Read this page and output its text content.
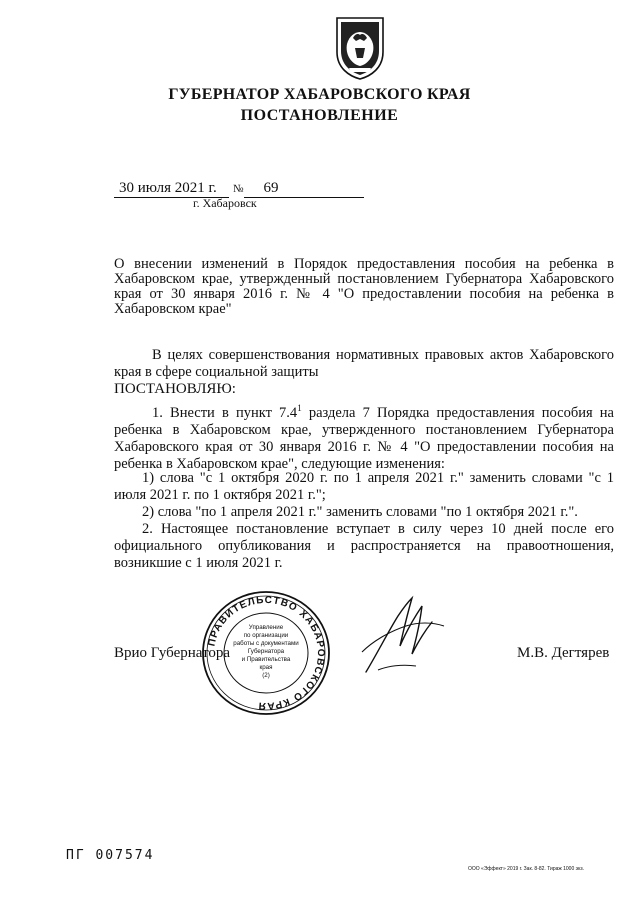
ГУБЕРНАТОР ХАБАРОВСКОГО КРАЯ
ПОСТАНОВЛЕНИЕ
30 июля 2021 г. № 69
г. Хабаровск
О внесении изменений в Порядок предоставления пособия на ребенка в Хабаровском крае, утвержденный постановлением Губернатора Хабаровского края от 30 января 2016 г. № 4 "О предоставлении пособия на ребенка в Хабаровском крае"
В целях совершенствования нормативных правовых актов Хабаровского края в сфере социальной защиты
ПОСТАНОВЛЯЮ:
1. Внести в пункт $7.4^1$ раздела 7 Порядка предоставления пособия на ребенка в Хабаровском крае, утвержденного постановлением Губернатора Хабаровского края от 30 января 2016 г. № 4 "О предоставлении пособия на ребенка в Хабаровском крае", следующие изменения:
1) слова "с 1 октября 2020 г. по 1 апреля 2021 г." заменить словами "с 1 июля 2021 г. по 1 октября 2021 г.";
2) слова "по 1 апреля 2021 г." заменить словами "по 1 октября 2021 г.".
2. Настоящее постановление вступает в силу через 10 дней после его официального опубликования и распространяется на правоотношения, возникшие с 1 июля 2021 г.
Врио Губернатора	М.В. Дегтярев
ПРАВИТЕЛЬСТВО ХАБАРОВСКОГО КРАЯ
Управление
по организации
работы с документами
Губернатора
и Правительства
края
(2)
ПГ 007574
ООО «Эффект» 2019 г. Зак. 8-82. Тираж 1000 экз.
